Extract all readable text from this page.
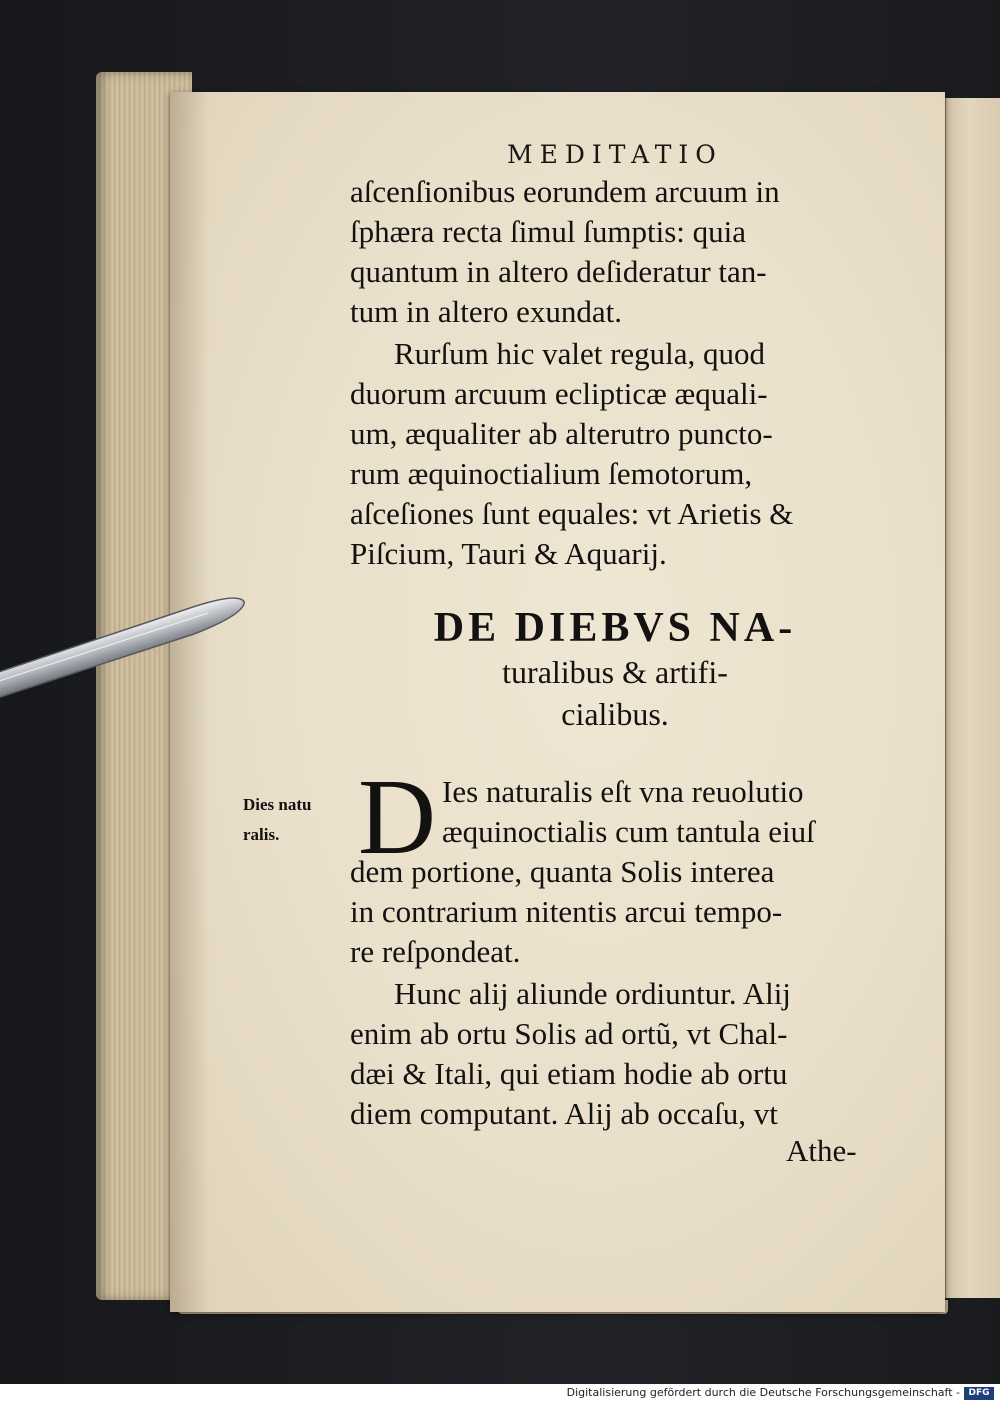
MEDITATIO
aſcenſionibus eorundem arcuum in
ſphæra recta ſimul ſumptis: quia
quantum in altero deſideratur tan-
tum in altero exundat.
Rurſum hic valet regula, quod
duorum arcuum eclipticæ æquali-
um, æqualiter ab alterutro puncto-
rum æquinoctialium ſemotorum,
aſceſiones ſunt equales: vt Arietis &
Piſcium, Tauri & Aquarij.
DE DIEBVS NA-
turalibus & artifi-
cialibus.
Dies natu
ralis. D Ies naturalis eſt vna reuolutio
æquinoctialis cum tantula eiuſ
dem portione, quanta Solis interea
in contrarium nitentis arcui tempo-
re reſpondeat.
Hunc alij aliunde ordiuntur. Alij
enim ab ortu Solis ad ortũ, vt Chal-
dæi & Itali, qui etiam hodie ab ortu
diem computant. Alij ab occaſu, vt
Athe-
Digitalisierung gefördert durch die Deutsche Forschungsgemeinschaft - DFG
